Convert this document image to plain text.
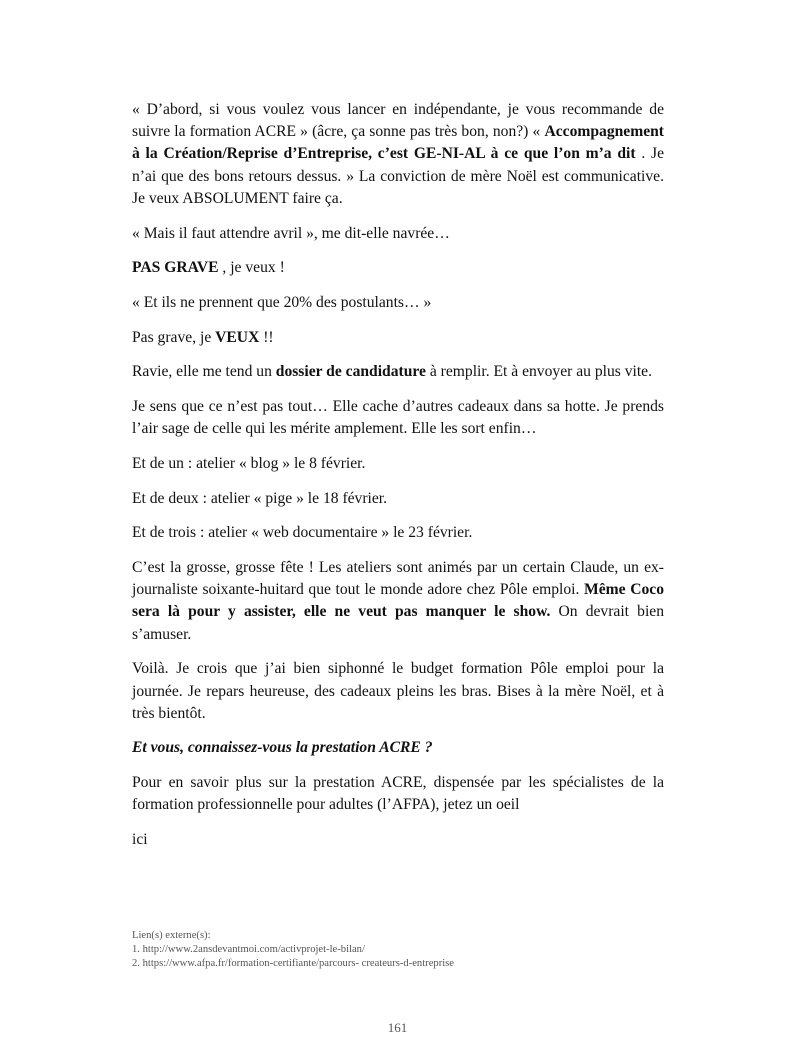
« D’abord, si vous voulez vous lancer en indépendante, je vous recommande de suivre la formation ACRE » (âcre, ça sonne pas très bon, non?) « Accompagnement à la Création/Reprise d’Entreprise, c’est GE-NI-AL à ce que l’on m’a dit . Je n’ai que des bons retours dessus. » La conviction de mère Noël est communicative. Je veux ABSOLUMENT faire ça.

« Mais il faut attendre avril », me dit-elle navrée…

PAS GRAVE , je veux !

« Et ils ne prennent que 20% des postulants… »

Pas grave, je VEUX !!

Ravie, elle me tend un dossier de candidature à remplir. Et à envoyer au plus vite.

Je sens que ce n’est pas tout… Elle cache d’autres cadeaux dans sa hotte. Je prends l’air sage de celle qui les mérite amplement. Elle les sort enfin…

Et de un : atelier « blog » le 8 février.

Et de deux : atelier « pige » le 18 février.

Et de trois : atelier « web documentaire » le 23 février.

C’est la grosse, grosse fête ! Les ateliers sont animés par un certain Claude, un ex-journaliste soixante-huitard que tout le monde adore chez Pôle emploi. Même Coco sera là pour y assister, elle ne veut pas manquer le show. On devrait bien s’amuser.

Voilà. Je crois que j’ai bien siphonné le budget formation Pôle emploi pour la journée. Je repars heureuse, des cadeaux pleins les bras. Bises à la mère Noël, et à très bientôt.

Et vous, connaissez-vous la prestation ACRE ?

Pour en savoir plus sur la prestation ACRE, dispensée par les spécialistes de la formation professionnelle pour adultes (l’AFPA), jetez un oeil

ici

Lien(s) externe(s):
1. http://www.2ansdevantmoi.com/activprojet-le-bilan/
2. https://www.afpa.fr/formation-certifiante/parcours- createurs-d-entreprise
161
